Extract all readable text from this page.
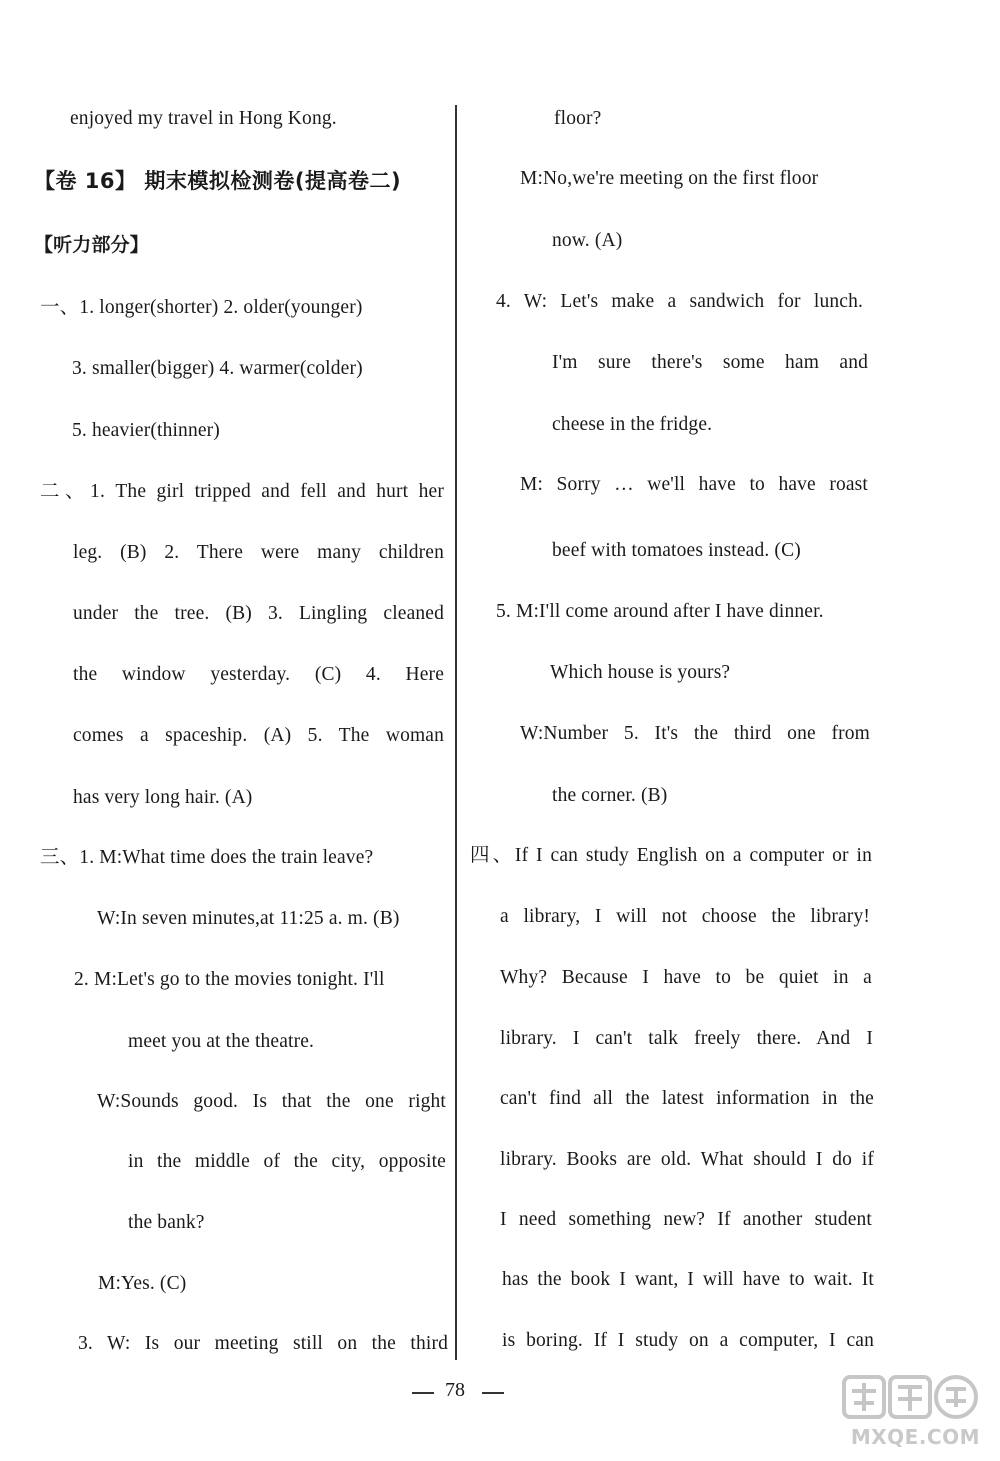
enjoyed my travel in Hong Kong.
【卷 16】 期末模拟检测卷(提高卷二)
【听力部分】
一、1. longer(shorter) 2. older(younger)
3. smaller(bigger) 4. warmer(colder)
5. heavier(thinner)
二、1. The girl tripped and fell and hurt her
leg. (B) 2. There were many children
under the tree. (B) 3. Lingling cleaned
the window yesterday. (C) 4. Here
comes a spaceship. (A) 5. The woman
has very long hair. (A)
三、1. M:What time does the train leave?
W:In seven minutes,at 11:25 a. m. (B)
2. M:Let's go to the movies tonight. I'll
meet you at the theatre.
W:Sounds good. Is that the one right
in the middle of the city, opposite
the bank?
M:Yes. (C)
3. W: Is our meeting still on the third
floor?
M:No,we're meeting on the first floor
now. (A)
4. W: Let's make a sandwich for lunch.
I'm sure there's some ham and
cheese in the fridge.
M: Sorry … we'll have to have roast
beef with tomatoes instead. (C)
5. M:I'll come around after I have dinner.
Which house is yours?
W:Number 5. It's the third one from
the corner. (B)
四、If I can study English on a computer or in
a library, I will not choose the library!
Why? Because I have to be quiet in a
library. I can't talk freely there. And I
can't find all the latest information in the
library. Books are old. What should I do if
I need something new? If another student
has the book I want, I will have to wait. It
is boring. If I study on a computer, I can
78
MXQE.COM
